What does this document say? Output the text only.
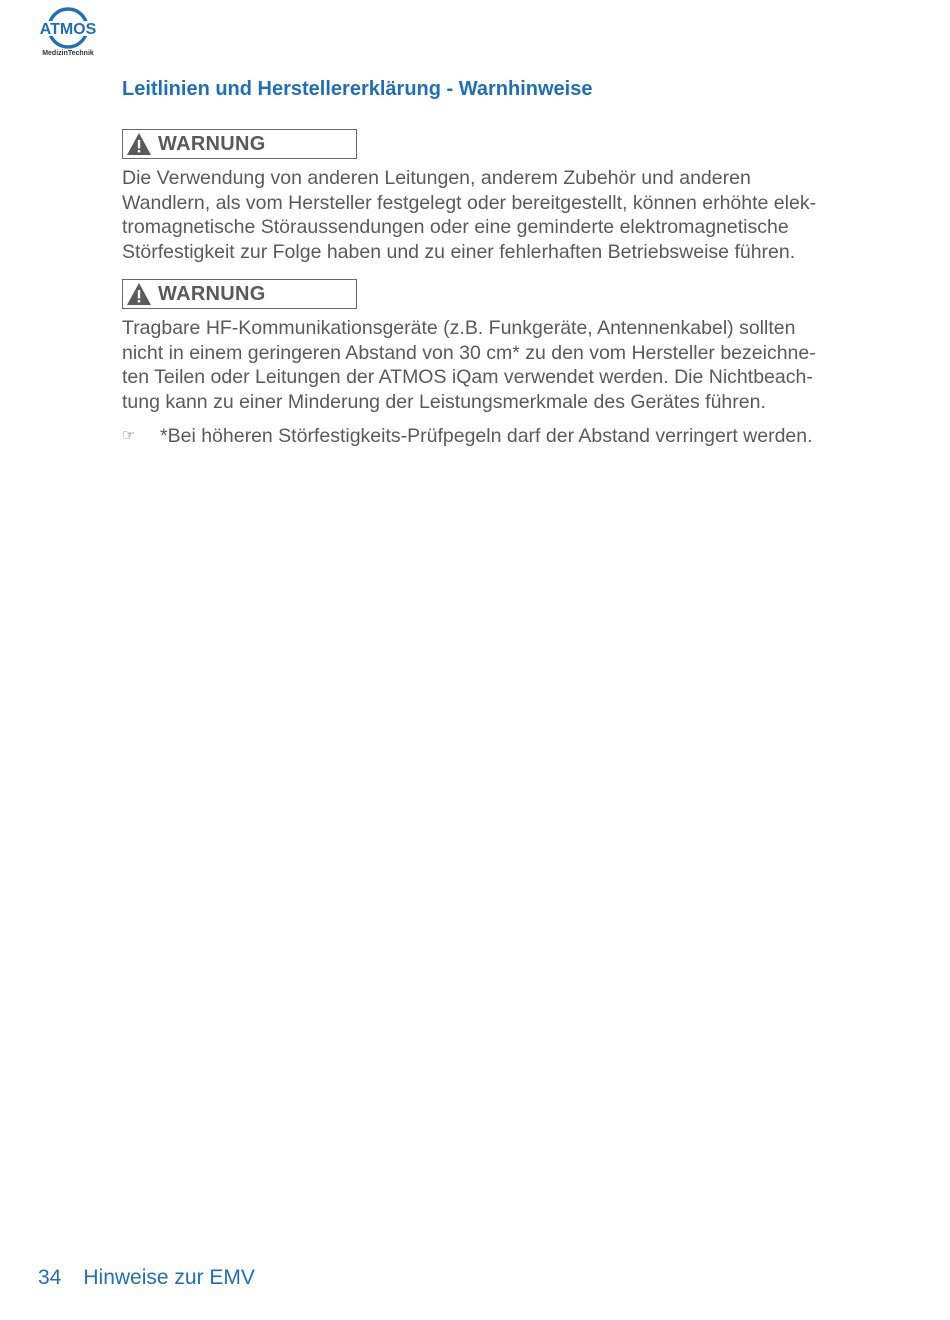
ATMOS
MedizinTechnik
Leitlinien und Herstellererklärung - Warnhinweise
WARNUNG

Die Verwendung von anderen Leitungen, anderem Zubehör und anderen
Wandlern, als vom Hersteller festgelegt oder bereitgestellt, können erhöhte elek-
tromagnetische Störaussendungen oder eine geminderte elektromagnetische
Störfestigkeit zur Folge haben und zu einer fehlerhaften Betriebsweise führen.

WARNUNG

Tragbare HF-Kommunikationsgeräte (z.B. Funkgeräte, Antennenkabel) sollten
nicht in einem geringeren Abstand von 30 cm* zu den vom Hersteller bezeichne-
ten Teilen oder Leitungen der ATMOS iQam verwendet werden. Die Nichtbeach-
tung kann zu einer Minderung der Leistungsmerkmale des Gerätes führen.

☞	*Bei höheren Störfestigkeits-Prüfpegeln darf der Abstand verringert werden.
34 Hinweise zur EMV
